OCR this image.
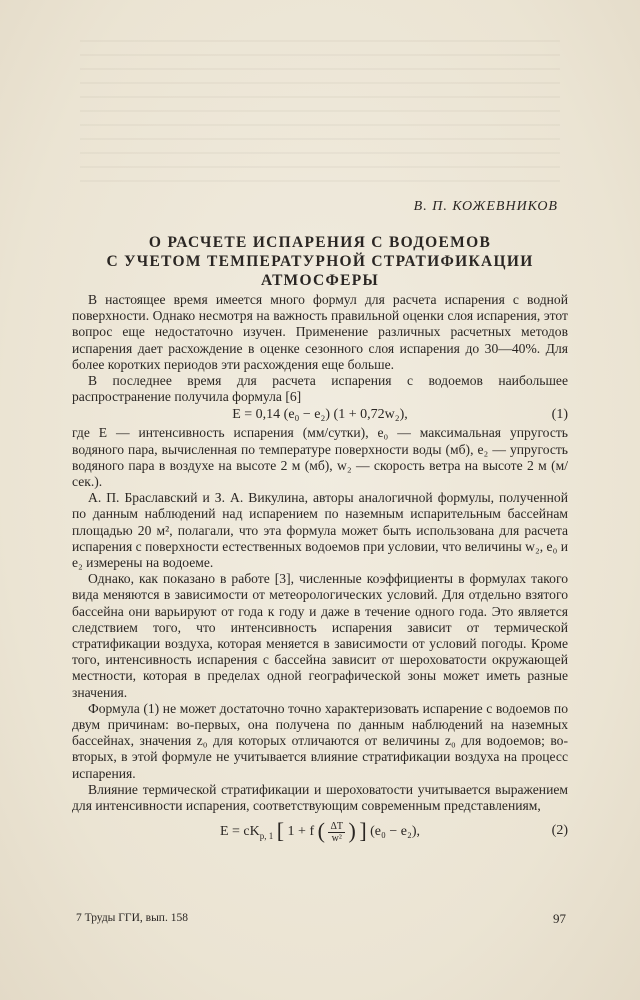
В. П. КОЖЕВНИКОВ
О РАСЧЕТЕ ИСПАРЕНИЯ С ВОДОЕМОВ
С УЧЕТОМ ТЕМПЕРАТУРНОЙ СТРАТИФИКАЦИИ АТМОСФЕРЫ

В настоящее время имеется много формул для расчета испарения с водной поверхности. Однако несмотря на важность правильной оценки слоя испарения, этот вопрос еще недостаточно изучен. Применение различных расчетных методов испарения дает расхождение в оценке сезонного слоя испарения до 30—40%. Для более коротких периодов эти расхождения еще больше.

В последнее время для расчета испарения с водоемов наибольшее распространение получила формула [6]

E = 0,14 (e₀ − e₂) (1 + 0,72w₂),	(1)

где E — интенсивность испарения (мм/сутки), e₀ — максимальная упругость водяного пара, вычисленная по температуре поверхности воды (мб), e₂ — упругость водяного пара в воздухе на высоте 2 м (мб), w₂ — скорость ветра на высоте 2 м (м/сек.).

А. П. Браславский и З. А. Викулина, авторы аналогичной формулы, полученной по данным наблюдений над испарением по наземным испарительным бассейнам площадью 20 м², полагали, что эта формула может быть использована для расчета испарения с поверхности естественных водоемов при условии, что величины w₂, e₀ и e₂ измерены на водоеме.

Однако, как показано в работе [3], численные коэффициенты в формулах такого вида меняются в зависимости от метеорологических условий. Для отдельно взятого бассейна они варьируют от года к году и даже в течение одного года. Это является следствием того, что интенсивность испарения зависит от термической стратификации воздуха, которая меняется в зависимости от условий погоды. Кроме того, интенсивность испарения с бассейна зависит от шероховатости окружающей местности, которая в пределах одной географической зоны может иметь разные значения.

Формула (1) не может достаточно точно характеризовать испарение с водоемов по двум причинам: во-первых, она получена по данным наблюдений на наземных бассейнах, значения z₀ для которых отличаются от величины z₀ для водоемов; во-вторых, в этой формуле не учитывается влияние стратификации воздуха на процесс испарения.

Влияние термической стратификации и шероховатости учитывается выражением для интенсивности испарения, соответствующим современным представлениям,

$E = cK_{p, 1}$ [ 1 + f ( $\frac{\Delta T}{\text{w²}}$ ) ] (e₀ − e₂),	(2)
7 Труды ГГИ, вып. 158	97
